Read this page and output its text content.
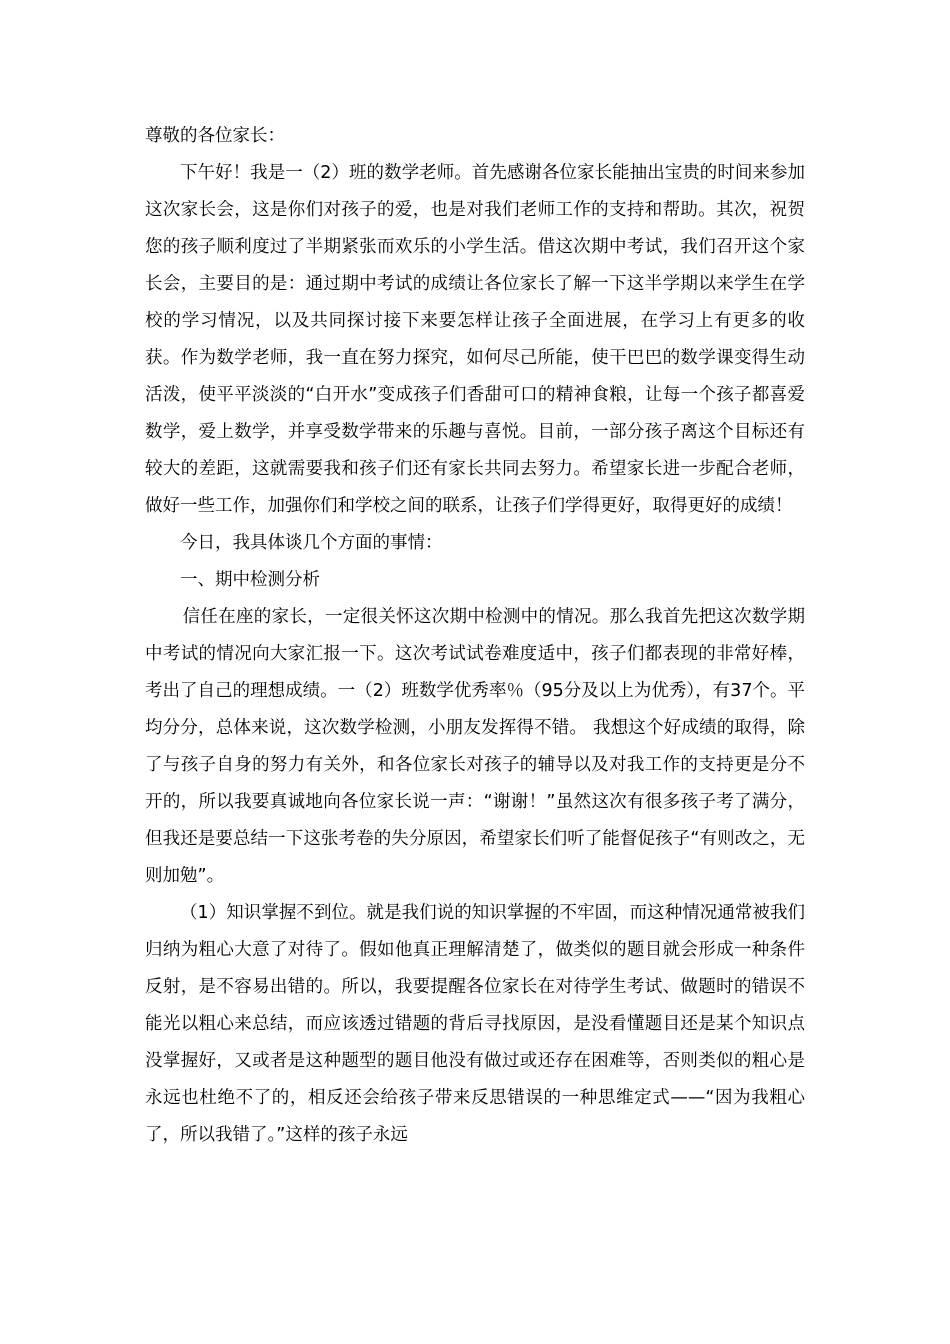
尊敬的各位家长：

下午好！我是一（2）班的数学老师。首先感谢各位家长能抽出宝贵的时间来参加这次家长会，这是你们对孩子的爱，也是对我们老师工作的支持和帮助。其次，祝贺您的孩子顺利度过了半期紧张而欢乐的小学生活。借这次期中考试，我们召开这个家长会，主要目的是：通过期中考试的成绩让各位家长了解一下这半学期以来学生在学校的学习情况，以及共同探讨接下来要怎样让孩子全面进展，在学习上有更多的收获。作为数学老师，我一直在努力探究，如何尽己所能，使干巴巴的数学课变得生动活泼，使平平淡淡的“白开水”变成孩子们香甜可口的精神食粮，让每一个孩子都喜爱数学，爱上数学，并享受数学带来的乐趣与喜悦。目前，一部分孩子离这个目标还有较大的差距，这就需要我和孩子们还有家长共同去努力。希望家长进一步配合老师，做好一些工作，加强你们和学校之间的联系，让孩子们学得更好，取得更好的成绩！

今日，我具体谈几个方面的事情：

一、期中检测分析

信任在座的家长，一定很关怀这次期中检测中的情况。那么我首先把这次数学期中考试的情况向大家汇报一下。这次考试试卷难度适中，孩子们都表现的非常好棒，考出了自己的理想成绩。一（2）班数学优秀率％（95分及以上为优秀），有37个。平均分分，总体来说，这次数学检测，小朋友发挥得不错。 我想这个好成绩的取得，除了与孩子自身的努力有关外，和各位家长对孩子的辅导以及对我工作的支持更是分不开的，所以我要真诚地向各位家长说一声：“谢谢！”虽然这次有很多孩子考了满分，但我还是要总结一下这张考卷的失分原因，希望家长们听了能督促孩子“有则改之，无则加勉”。

（1）知识掌握不到位。就是我们说的知识掌握的不牢固，而这种情况通常被我们归纳为粗心大意了对待了。假如他真正理解清楚了，做类似的题目就会形成一种条件反射，是不容易出错的。所以，我要提醒各位家长在对待学生考试、做题时的错误不能光以粗心来总结，而应该透过错题的背后寻找原因，是没看懂题目还是某个知识点没掌握好，又或者是这种题型的题目他没有做过或还存在困难等，否则类似的粗心是永远也杜绝不了的，相反还会给孩子带来反思错误的一种思维定式——“因为我粗心了，所以我错了。”这样的孩子永远
